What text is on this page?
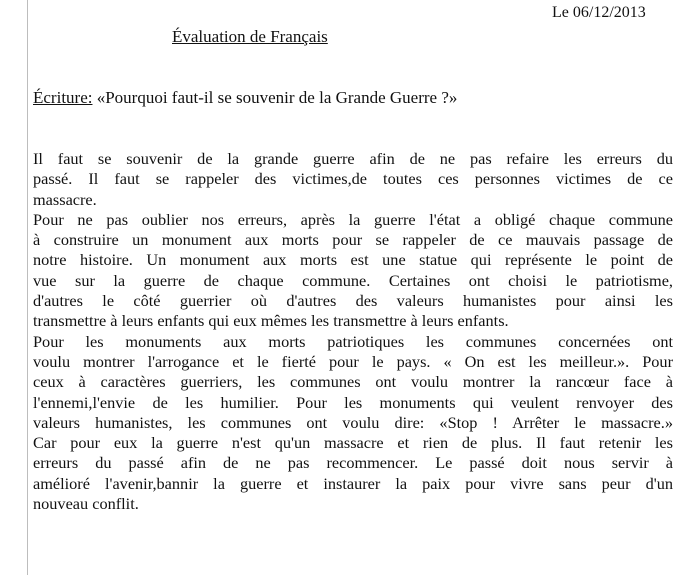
Le 06/12/2013
Évaluation de Français
Écriture: «Pourquoi faut-il se souvenir de la Grande Guerre ?»
Il faut se souvenir de la grande guerre afin de ne pas refaire les erreurs du
passé. Il faut se rappeler des victimes,de toutes ces personnes victimes de ce
massacre.
Pour ne pas oublier nos erreurs, après la guerre l'état a obligé chaque commune
à construire un monument aux morts pour se rappeler de ce mauvais passage de
notre histoire. Un monument aux morts est une statue qui représente le point de
vue sur la guerre de chaque commune. Certaines ont choisi le patriotisme,
d'autres le côté guerrier où d'autres des valeurs humanistes pour ainsi les
transmettre à leurs enfants qui eux mêmes les transmettre à leurs enfants.
Pour les monuments aux morts patriotiques les communes concernées ont
voulu montrer l'arrogance et le fierté pour le pays. « On est les meilleur.». Pour
ceux à caractères guerriers, les communes ont voulu montrer la rancœur face à
l'ennemi,l'envie de les humilier. Pour les monuments qui veulent renvoyer des
valeurs humanistes, les communes ont voulu dire: «Stop ! Arrêter le massacre.»
Car pour eux la guerre n'est qu'un massacre et rien de plus. Il faut retenir les
erreurs du passé afin de ne pas recommencer. Le passé doit nous servir à
amélioré l'avenir,bannir la guerre et instaurer la paix pour vivre sans peur d'un
nouveau conflit.
